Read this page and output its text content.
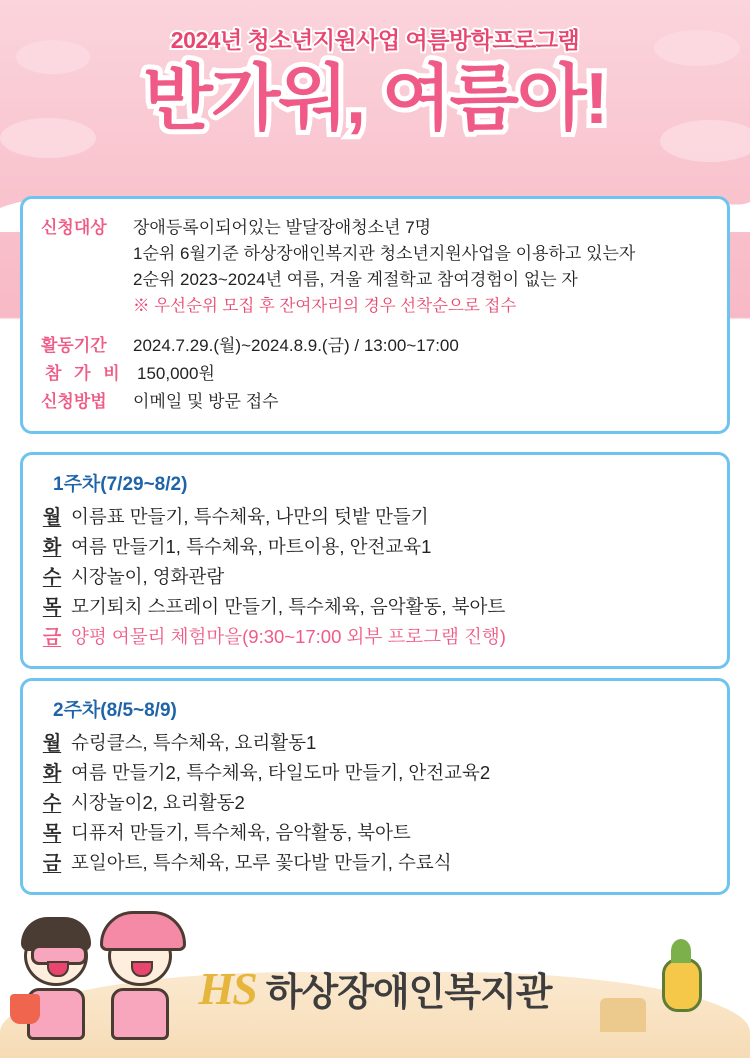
2024년 청소년지원사업 여름방학프로그램

반가워, 여름아!
신청대상	장애등록이되어있는 발달장애청소년 7명
1순위 6월기준 하상장애인복지관 청소년지원사업을 이용하고 있는자
2순위 2023~2024년 여름, 겨울 계절학교 참여경험이 없는 자
※ 우선순위 모집 후 잔여자리의 경우 선착순으로 접수
활동기간	2024.7.29.(월)~2024.8.9.(금) / 13:00~17:00
참 가 비 150,000원
신청방법	이메일 및 방문 접수
1주차(7/29~8/2)
월 이름표 만들기, 특수체육, 나만의 텃밭 만들기
화 여름 만들기1, 특수체육, 마트이용, 안전교육1
수 시장놀이, 영화관람
목 모기퇴치 스프레이 만들기, 특수체육, 음악활동, 북아트
금 양평 여물리 체험마을(9:30~17:00 외부 프로그램 진행)
2주차(8/5~8/9)
월 슈링클스, 특수체육, 요리활동1
화 여름 만들기2, 특수체육, 타일도마 만들기, 안전교육2
수 시장놀이2, 요리활동2
목 디퓨저 만들기, 특수체육, 음악활동, 북아트
금 포일아트, 특수체육, 모루 꽃다발 만들기, 수료식
HS 하상장애인복지관
